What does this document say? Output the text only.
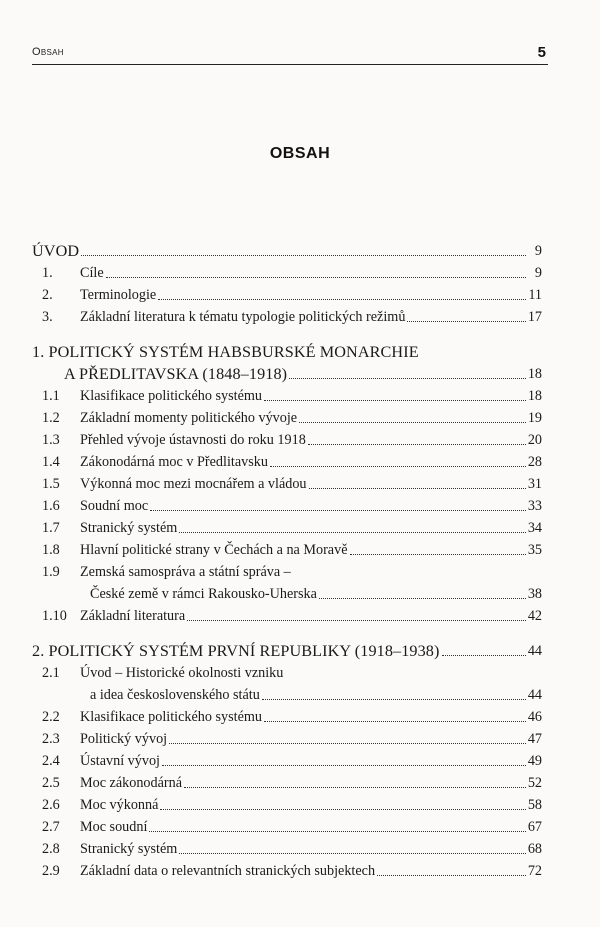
Obsah	5
OBSAH
ÚVOD	9
1.	Cíle	9
2.	Terminologie	11
3.	Základní literatura k tématu typologie politických režimů	17
1. POLITICKÝ SYSTÉM HABSBURSKÉ MONARCHIE
A PŘEDLITAVSKA (1848–1918)	18
1.1	Klasifikace politického systému	18
1.2	Základní momenty politického vývoje	19
1.3	Přehled vývoje ústavnosti do roku 1918	20
1.4	Zákonodárná moc v Předlitavsku	28
1.5	Výkonná moc mezi mocnářem a vládou	31
1.6	Soudní moc	33
1.7	Stranický systém	34
1.8	Hlavní politické strany v Čechách a na Moravě	35
1.9	Zemská samospráva a státní správa –
České země v rámci Rakousko-Uherska	38
1.10 Základní literatura	42
2. POLITICKÝ SYSTÉM PRVNÍ REPUBLIKY (1918–1938)	44
2.1	Úvod – Historické okolnosti vzniku
a idea československého státu	44
2.2	Klasifikace politického systému	46
2.3	Politický vývoj	47
2.4	Ústavní vývoj	49
2.5	Moc zákonodárná	52
2.6	Moc výkonná	58
2.7	Moc soudní	67
2.8	Stranický systém	68
2.9	Základní data o relevantních stranických subjektech	72
